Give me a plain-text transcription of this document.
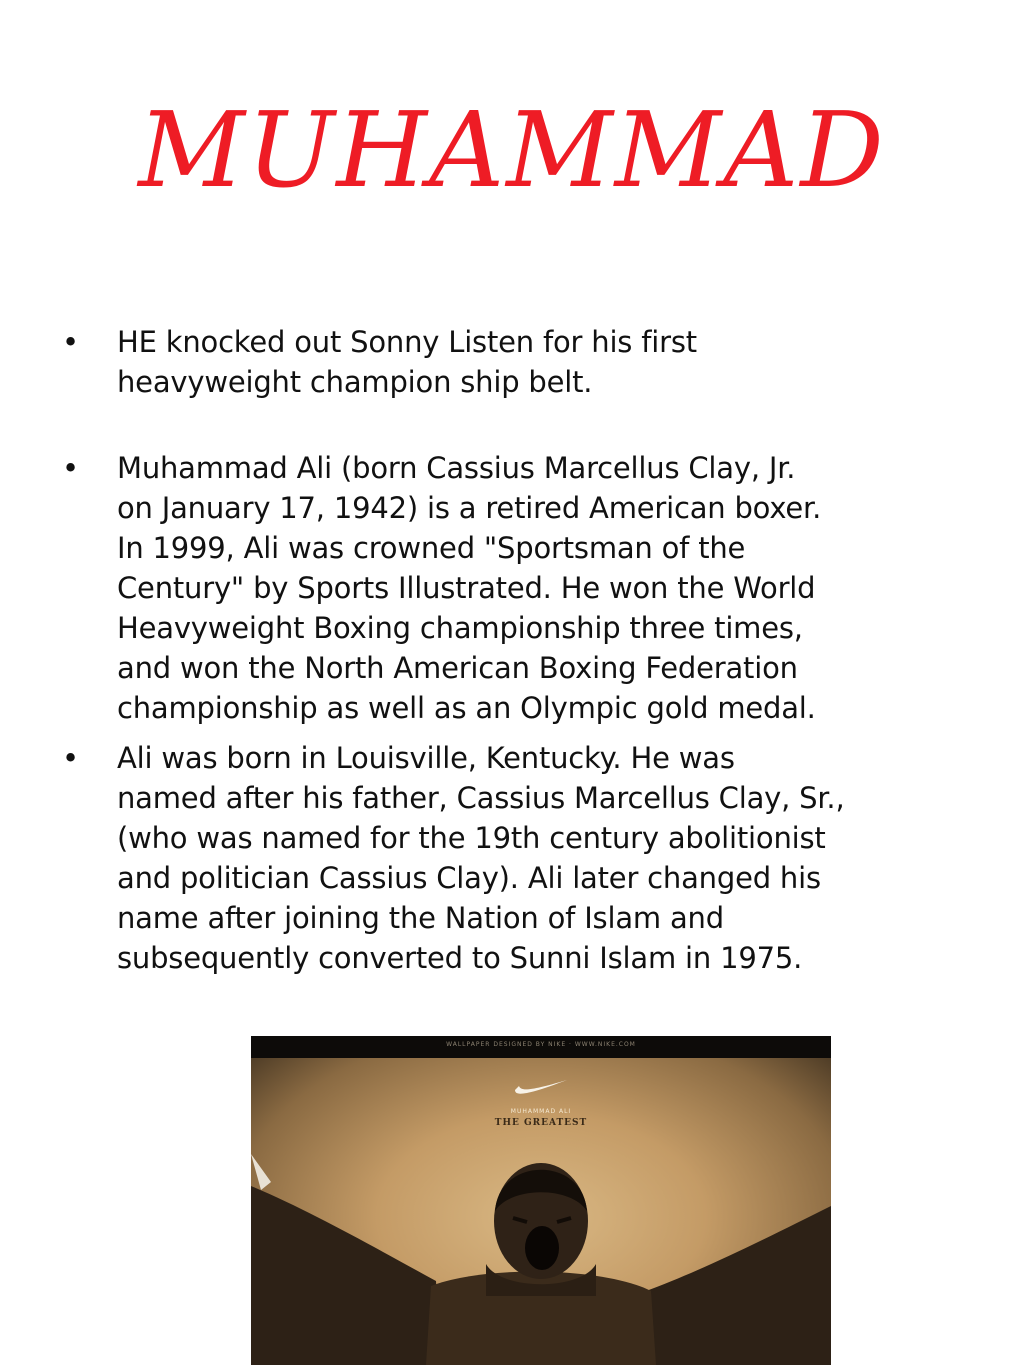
MUHAMMAD
• HE knocked out Sonny Listen for his first
heavyweight champion ship belt.
• Muhammad Ali (born Cassius Marcellus Clay, Jr.
on January 17, 1942) is a retired American boxer.
In 1999, Ali was crowned "Sportsman of the
Century" by Sports Illustrated. He won the World
Heavyweight Boxing championship three times,
and won the North American Boxing Federation
championship as well as an Olympic gold medal.
• Ali was born in Louisville, Kentucky. He was
named after his father, Cassius Marcellus Clay, Sr.,
(who was named for the 19th century abolitionist
and politician Cassius Clay). Ali later changed his
name after joining the Nation of Islam and
subsequently converted to Sunni Islam in 1975.
WALLPAPER DESIGNED BY NIKE · WWW.NIKE.COM
MUHAMMAD ALI
THE GREATEST
